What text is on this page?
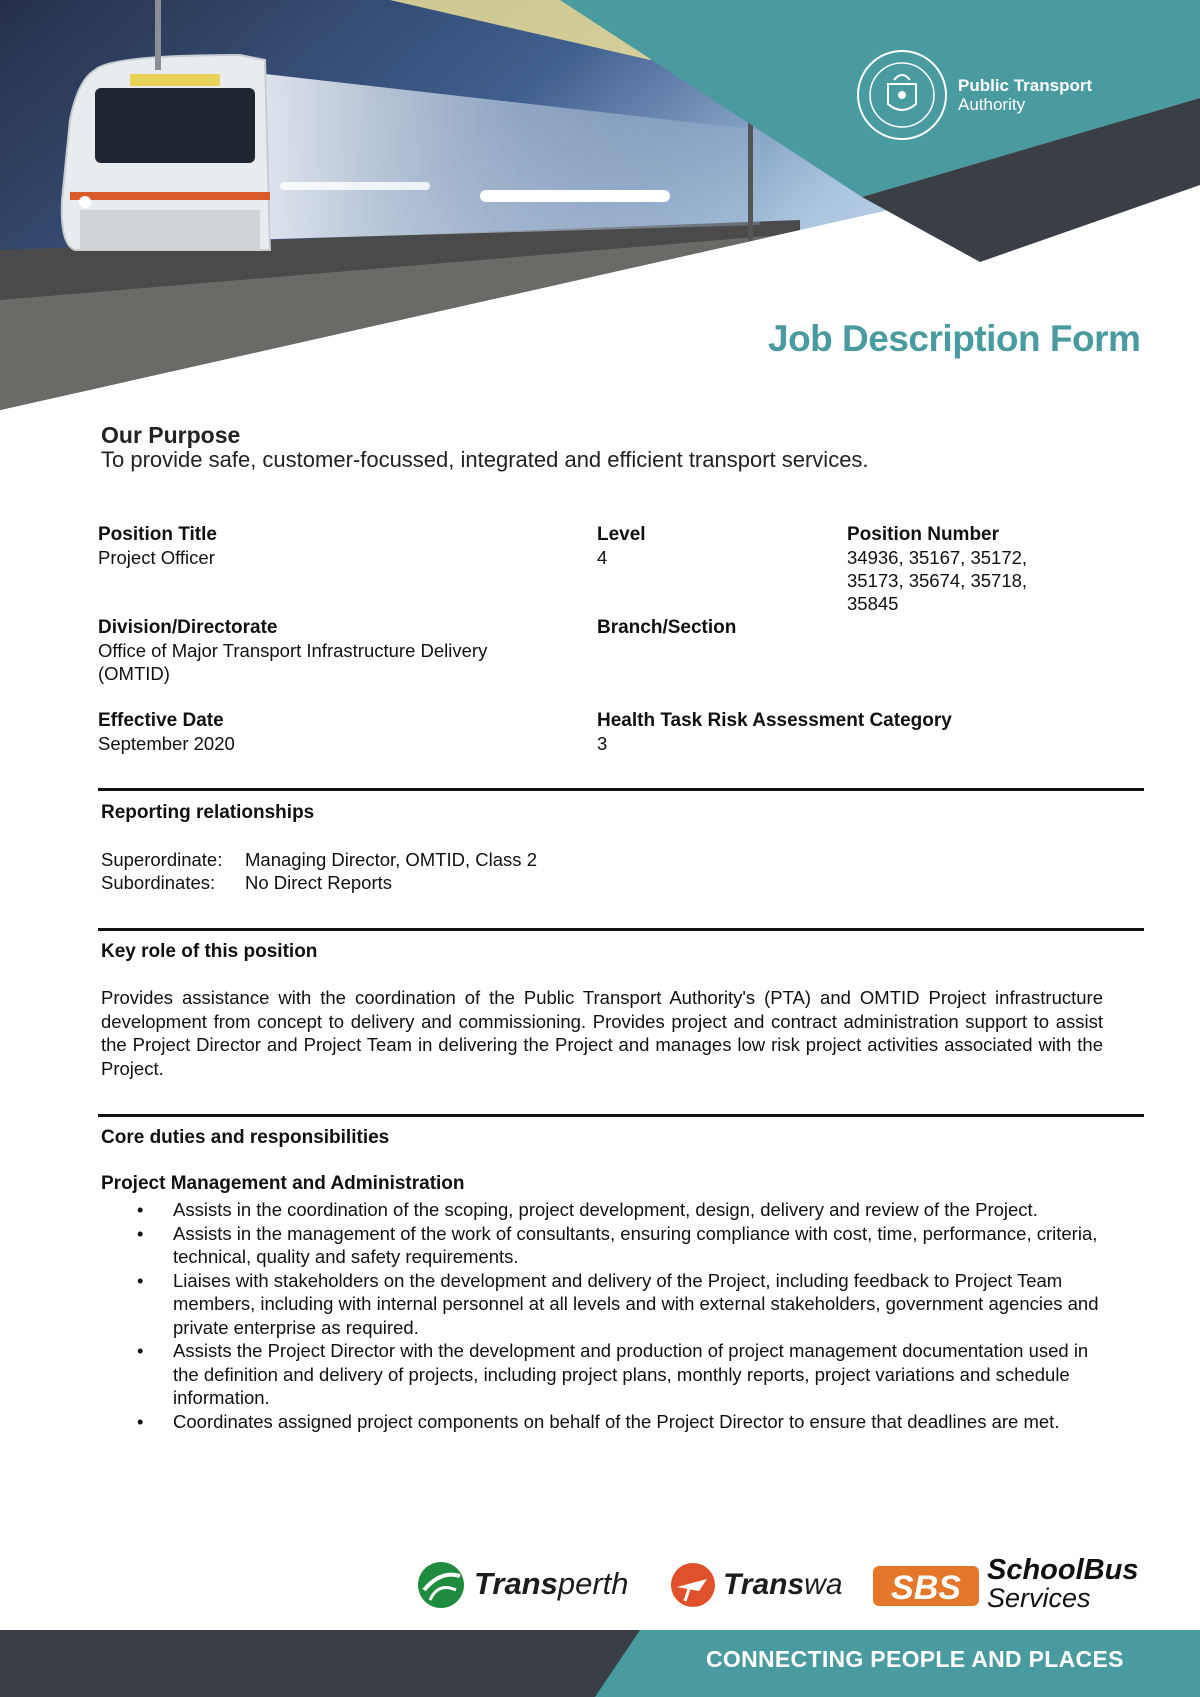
Public Transport
Authority
Job Description Form
Our Purpose
To provide safe, customer-focussed, integrated and efficient transport services.
Position Title
Project Officer
Level
4
Position Number
34936, 35167, 35172,
35173, 35674, 35718,
35845
Division/Directorate
Office of Major Transport Infrastructure Delivery
(OMTID)
Branch/Section
Effective Date
September 2020
Health Task Risk Assessment Category
3
Reporting relationships
Superordinate: Managing Director, OMTID, Class 2
Subordinates: No Direct Reports
Key role of this position
Provides assistance with the coordination of the Public Transport Authority's (PTA) and OMTID Project infrastructure development from concept to delivery and commissioning. Provides project and contract administration support to assist the Project Director and Project Team in delivering the Project and manages low risk project activities associated with the Project.
Core duties and responsibilities
Project Management and Administration
• Assists in the coordination of the scoping, project development, design, delivery and review of the Project.
• Assists in the management of the work of consultants, ensuring compliance with cost, time, performance, criteria, technical, quality and safety requirements.
• Liaises with stakeholders on the development and delivery of the Project, including feedback to Project Team members, including with internal personnel at all levels and with external stakeholders, government agencies and private enterprise as required.
• Assists the Project Director with the development and production of project management documentation used in the definition and delivery of projects, including project plans, monthly reports, project variations and schedule information.
• Coordinates assigned project components on behalf of the Project Director to ensure that deadlines are met.
Transperth	Transwa SBS SchoolBus
Services
CONNECTING PEOPLE AND PLACES
